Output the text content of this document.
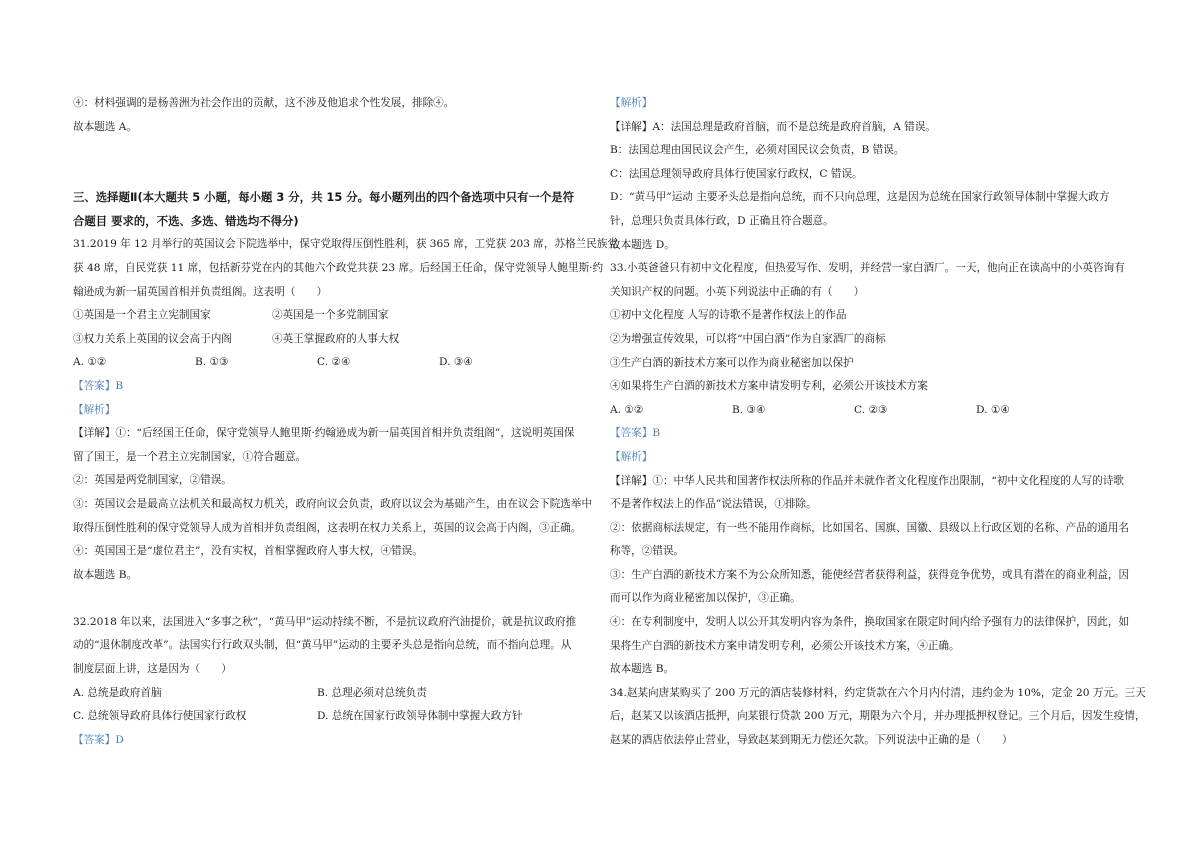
④：材料强调的是杨善洲为社会作出的贡献，这不涉及他追求个性发展，排除④。

故本题选 A。

三、选择题Ⅱ(本大题共 5 小题，每小题 3 分，共 15 分。每小题列出的四个备选项中只有一个是符

合题目 要求的，不选、多选、错选均不得分)

31.2019 年 12 月举行的英国议会下院选举中，保守党取得压倒性胜利，获 365 席，工党获 203 席，苏格兰民族党

获 48 席，自民党获 11 席，包括新芬党在内的其他六个政党共获 23 席。后经国王任命，保守党领导人鲍里斯·约

翰逊成为新一届英国首相并负责组阁。这表明（　　）

①英国是一个君主立宪制国家	②英国是一个多党制国家
③权力关系上英国的议会高于内阁	④英王掌握政府的人事大权
A. ①②	B. ①③	C. ②④	D. ③④

【答案】B

【解析】

【详解】①：“后经国王任命，保守党领导人鲍里斯·约翰逊成为新一届英国首相并负责组阁”，这说明英国保

留了国王，是一个君主立宪制国家，①符合题意。

②：英国是两党制国家，②错误。

③：英国议会是最高立法机关和最高权力机关，政府向议会负责，政府以议会为基础产生，由在议会下院选举中

取得压倒性胜利的保守党领导人成为首相并负责组阁，这表明在权力关系上，英国的议会高于内阁，③正确。

④：英国国王是“虚位君主”，没有实权，首相掌握政府人事大权，④错误。

故本题选 B。

32.2018 年以来，法国进入“多事之秋”，“黄马甲”运动持续不断，不是抗议政府汽油提价，就是抗议政府推

动的“退休制度改革”。法国实行行政双头制，但“黄马甲”运动的主要矛头总是指向总统，而不指向总理。从

制度层面上讲，这是因为（　　）

A. 总统是政府首脑	B. 总理必须对总统负责
C. 总统领导政府具体行使国家行政权	D. 总统在国家行政领导体制中掌握大政方针

【答案】D

【解析】

【详解】A：法国总理是政府首脑，而不是总统是政府首脑，A 错误。

B：法国总理由国民议会产生，必须对国民议会负责，B 错误。

C：法国总理领导政府具体行使国家行政权，C 错误。

D：“黄马甲”运动 主要矛头总是指向总统，而不只向总理，这是因为总统在国家行政领导体制中掌握大政方

针，总理只负责具体行政，D 正确且符合题意。

故本题选 D。

33.小英爸爸只有初中文化程度，但热爱写作、发明，并经营一家白酒厂。一天，他向正在读高中的小英咨询有

关知识产权的问题。小英下列说法中正确的有（　　）

①初中文化程度 人写的诗歌不是著作权法上的作品

②为增强宣传效果，可以将“中国白酒”作为自家酒厂的商标

③生产白酒的新技术方案可以作为商业秘密加以保护

④如果将生产白酒的新技术方案申请发明专利，必须公开该技术方案

A. ①②	B. ③④	C. ②③	D. ①④

【答案】B

【解析】

【详解】①：中华人民共和国著作权法所称的作品并未就作者文化程度作出限制，“初中文化程度的人写的诗歌

不是著作权法上的作品”说法错误，①排除。

②：依据商标法规定，有一些不能用作商标，比如国名、国旗、国徽、县级以上行政区划的名称、产品的通用名

称等，②错误。

③：生产白酒的新技术方案不为公众所知悉，能使经营者获得利益，获得竞争优势，或具有潜在的商业利益，因

而可以作为商业秘密加以保护，③正确。

④：在专利制度中，发明人以公开其发明内容为条件，换取国家在限定时间内给予强有力的法律保护，因此，如

果将生产白酒的新技术方案申请发明专利，必须公开该技术方案，④正确。

故本题选 B。

34.赵某向唐某购买了 200 万元的酒店装修材料，约定货款在六个月内付清，违约金为 10%，定金 20 万元。三天

后，赵某又以该酒店抵押，向某银行贷款 200 万元，期限为六个月，并办理抵押权登记。三个月后，因发生疫情，

赵某的酒店依法停止营业，导致赵某到期无力偿还欠款。下列说法中正确的是（　　）
